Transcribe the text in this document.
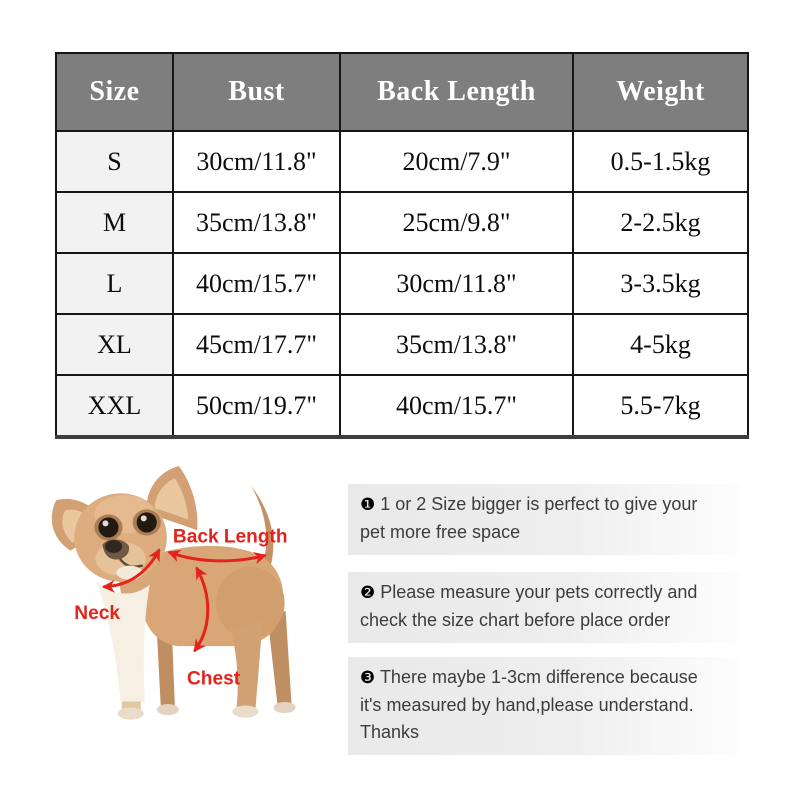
Size	Bust	Back Length	Weight
S	30cm/11.8"	20cm/7.9"	0.5-1.5kg
M	35cm/13.8"	25cm/9.8"	2-2.5kg
L	40cm/15.7"	30cm/11.8"	3-3.5kg
XL	45cm/17.7"	35cm/13.8"	4-5kg
XXL	50cm/19.7"	40cm/15.7"	5.5-7kg
Back Length
Neck
Chest
❶ 1 or 2 Size bigger is perfect to give your
pet more free space
❷ Please measure your pets correctly and
check the size chart before place order
❸ There maybe 1-3cm difference because
it's measured by hand,please understand.
Thanks
